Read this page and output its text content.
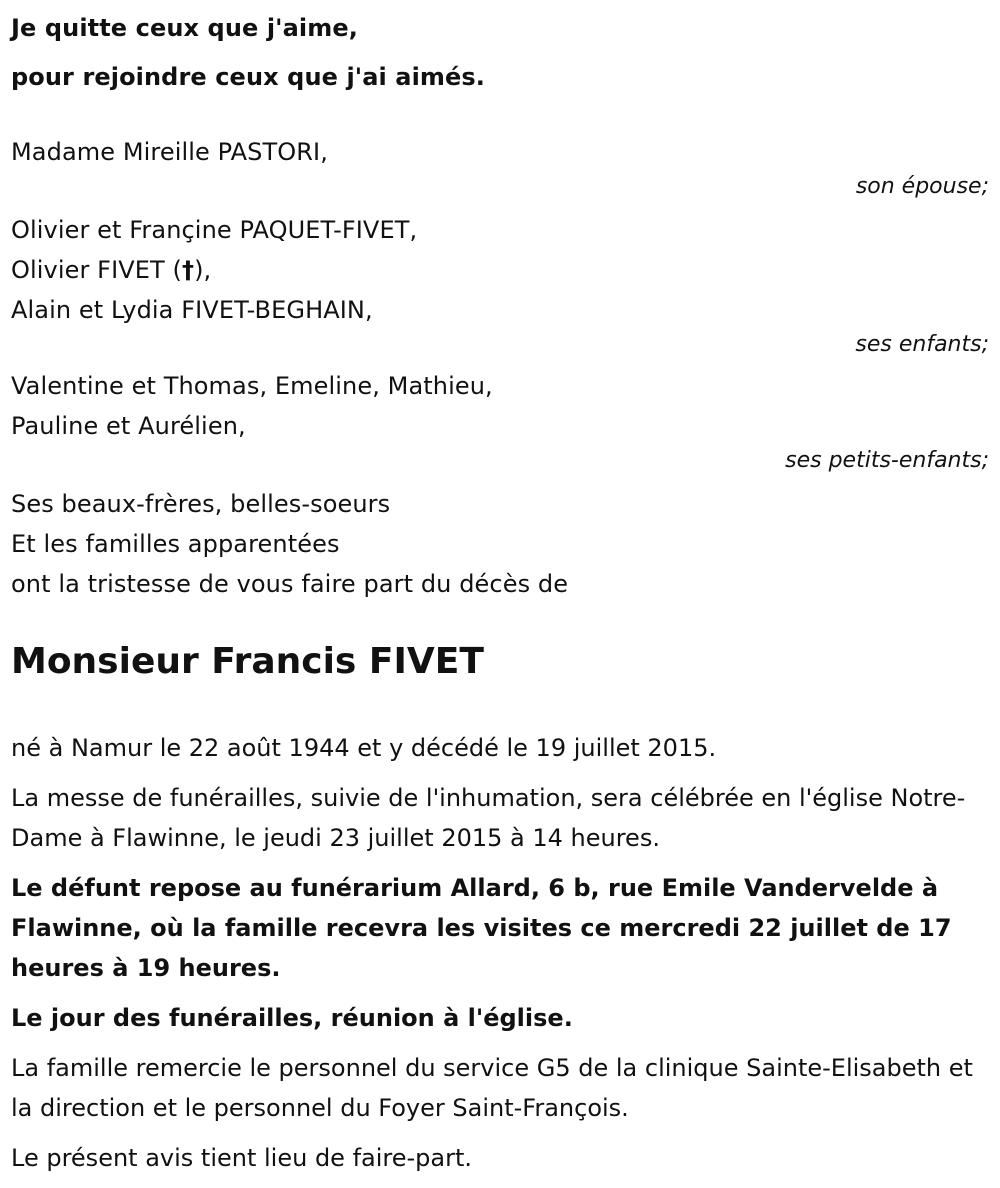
Je quitte ceux que j'aime,
pour rejoindre ceux que j'ai aimés.
Madame Mireille PASTORI,
son épouse;
Olivier et Françine PAQUET-FIVET,
Olivier FIVET (†),
Alain et Lydia FIVET-BEGHAIN,
ses enfants;
Valentine et Thomas, Emeline, Mathieu,
Pauline et Aurélien,
ses petits-enfants;
Ses beaux-frères, belles-soeurs
Et les familles apparentées
ont la tristesse de vous faire part du décès de
Monsieur Francis FIVET
né à Namur le 22 août 1944 et y décédé le 19 juillet 2015.
La messe de funérailles, suivie de l'inhumation, sera célébrée en l'église Notre-Dame à Flawinne, le jeudi 23 juillet 2015 à 14 heures.
Le défunt repose au funérarium Allard, 6 b, rue Emile Vandervelde à Flawinne, où la famille recevra les visites ce mercredi 22 juillet de 17 heures à 19 heures.
Le jour des funérailles, réunion à l'église.
La famille remercie le personnel du service G5 de la clinique Sainte-Elisabeth et la direction et le personnel du Foyer Saint-François.
Le présent avis tient lieu de faire-part.
